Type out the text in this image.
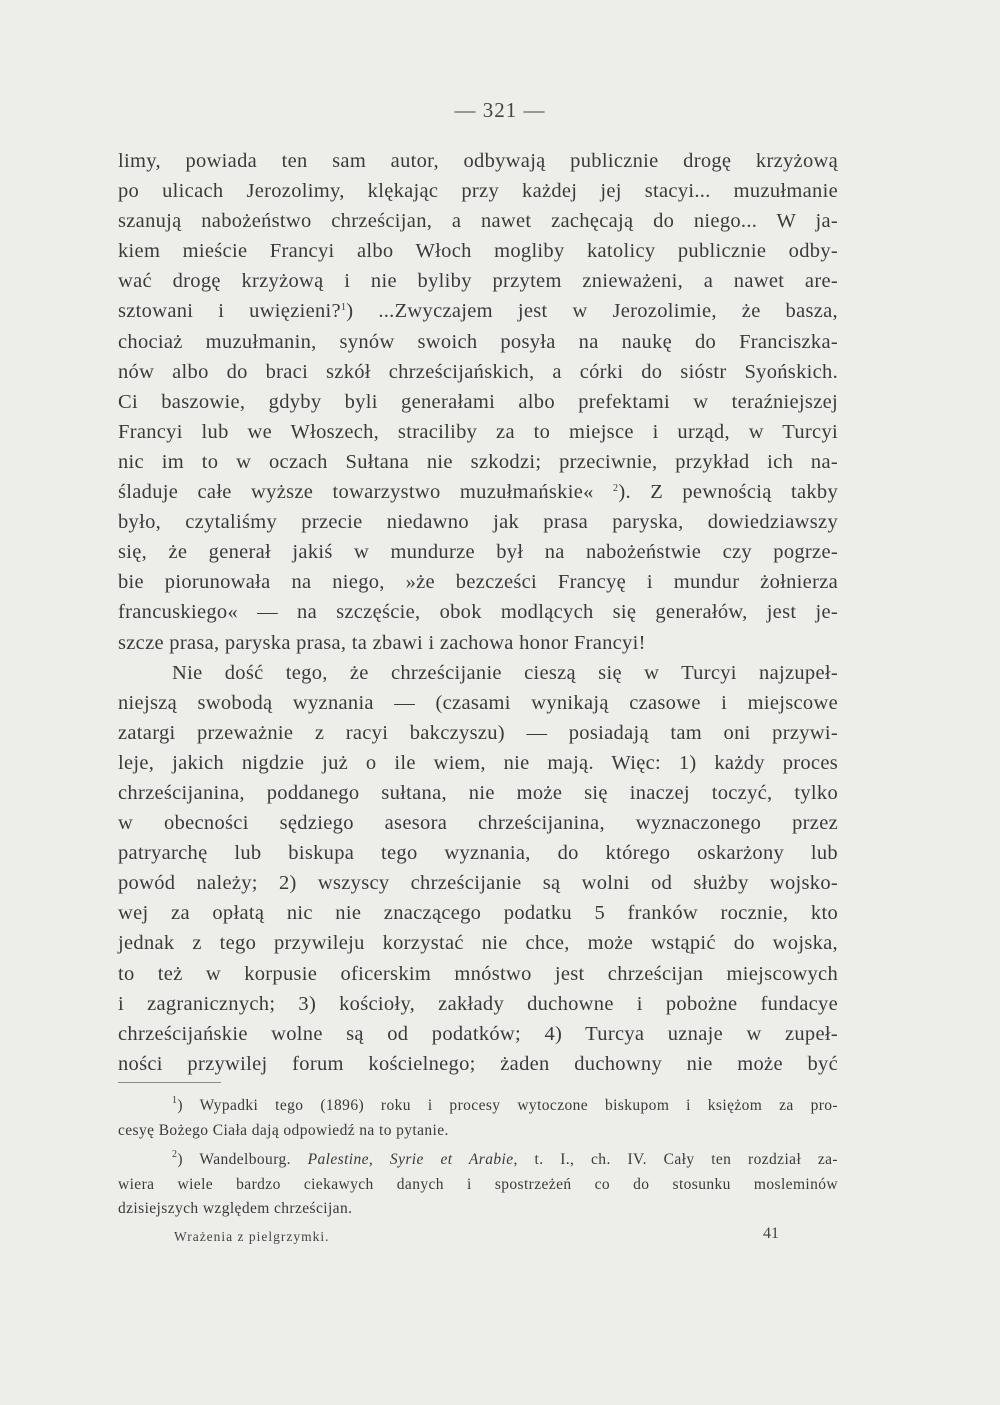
— 321 —
limy, powiada ten sam autor, odbywają publicznie drogę krzyżową
po ulicach Jerozolimy, klękając przy każdej jej stacyi... muzułmanie
szanują nabożeństwo chrześcijan, a nawet zachęcają do niego... W ja-
kiem mieście Francyi albo Włoch mogliby katolicy publicznie odby-
wać drogę krzyżową i nie byliby przytem znieważeni, a nawet are-
sztowani i uwięzieni?$^1$) ...Zwyczajem jest w Jerozolimie, że basza,
chociaż muzułmanin, synów swoich posyła na naukę do Franciszka-
nów albo do braci szkół chrześcijańskich, a córki do sióstr Syońskich.
Ci baszowie, gdyby byli generałami albo prefektami w teraźniejszej
Francyi lub we Włoszech, straciliby za to miejsce i urząd, w Turcyi
nic im to w oczach Sułtana nie szkodzi; przeciwnie, przykład ich na-
śladuje całe wyższe towarzystwo muzułmańskie« $^2$). Z pewnością takby
było, czytaliśmy przecie niedawno jak prasa paryska, dowiedziawszy
się, że generał jakiś w mundurze był na nabożeństwie czy pogrze-
bie piorunowała na niego, »że bezcześci Francyę i mundur żołnierza
francuskiego« — na szczęście, obok modlących się generałów, jest je-
szcze prasa, paryska prasa, ta zbawi i zachowa honor Francyi!
Nie dość tego, że chrześcijanie cieszą się w Turcyi najzupeł-
niejszą swobodą wyznania — (czasami wynikają czasowe i miejscowe
zatargi przeważnie z racyi bakczyszu) — posiadają tam oni przywi-
leje, jakich nigdzie już o ile wiem, nie mają. Więc: 1) każdy proces
chrześcijanina, poddanego sułtana, nie może się inaczej toczyć, tylko
w obecności sędziego asesora chrześcijanina, wyznaczonego przez
patryarchę lub biskupa tego wyznania, do którego oskarżony lub
powód należy; 2) wszyscy chrześcijanie są wolni od służby wojsko-
wej za opłatą nic nie znaczącego podatku 5 franków rocznie, kto
jednak z tego przywileju korzystać nie chce, może wstąpić do wojska,
to też w korpusie oficerskim mnóstwo jest chrześcijan miejscowych
i zagranicznych; 3) kościoły, zakłady duchowne i pobożne fundacye
chrześcijańskie wolne są od podatków; 4) Turcya uznaje w zupeł-
ności przywilej forum kościelnego; żaden duchowny nie może być
$^1$) Wypadki tego (1896) roku i procesy wytoczone biskupom i księżom za pro-
cesyę Bożego Ciała dają odpowiedź na to pytanie.
$^2$) Wandelbourg. Palestine, Syrie et Arabie, t. I., ch. IV. Cały ten rozdział za-
wiera wiele bardzo ciekawych danych i spostrzeżeń co do stosunku mosleminów
dzisiejszych względem chrześcijan.
Wrażenia z pielgrzymki.	41
